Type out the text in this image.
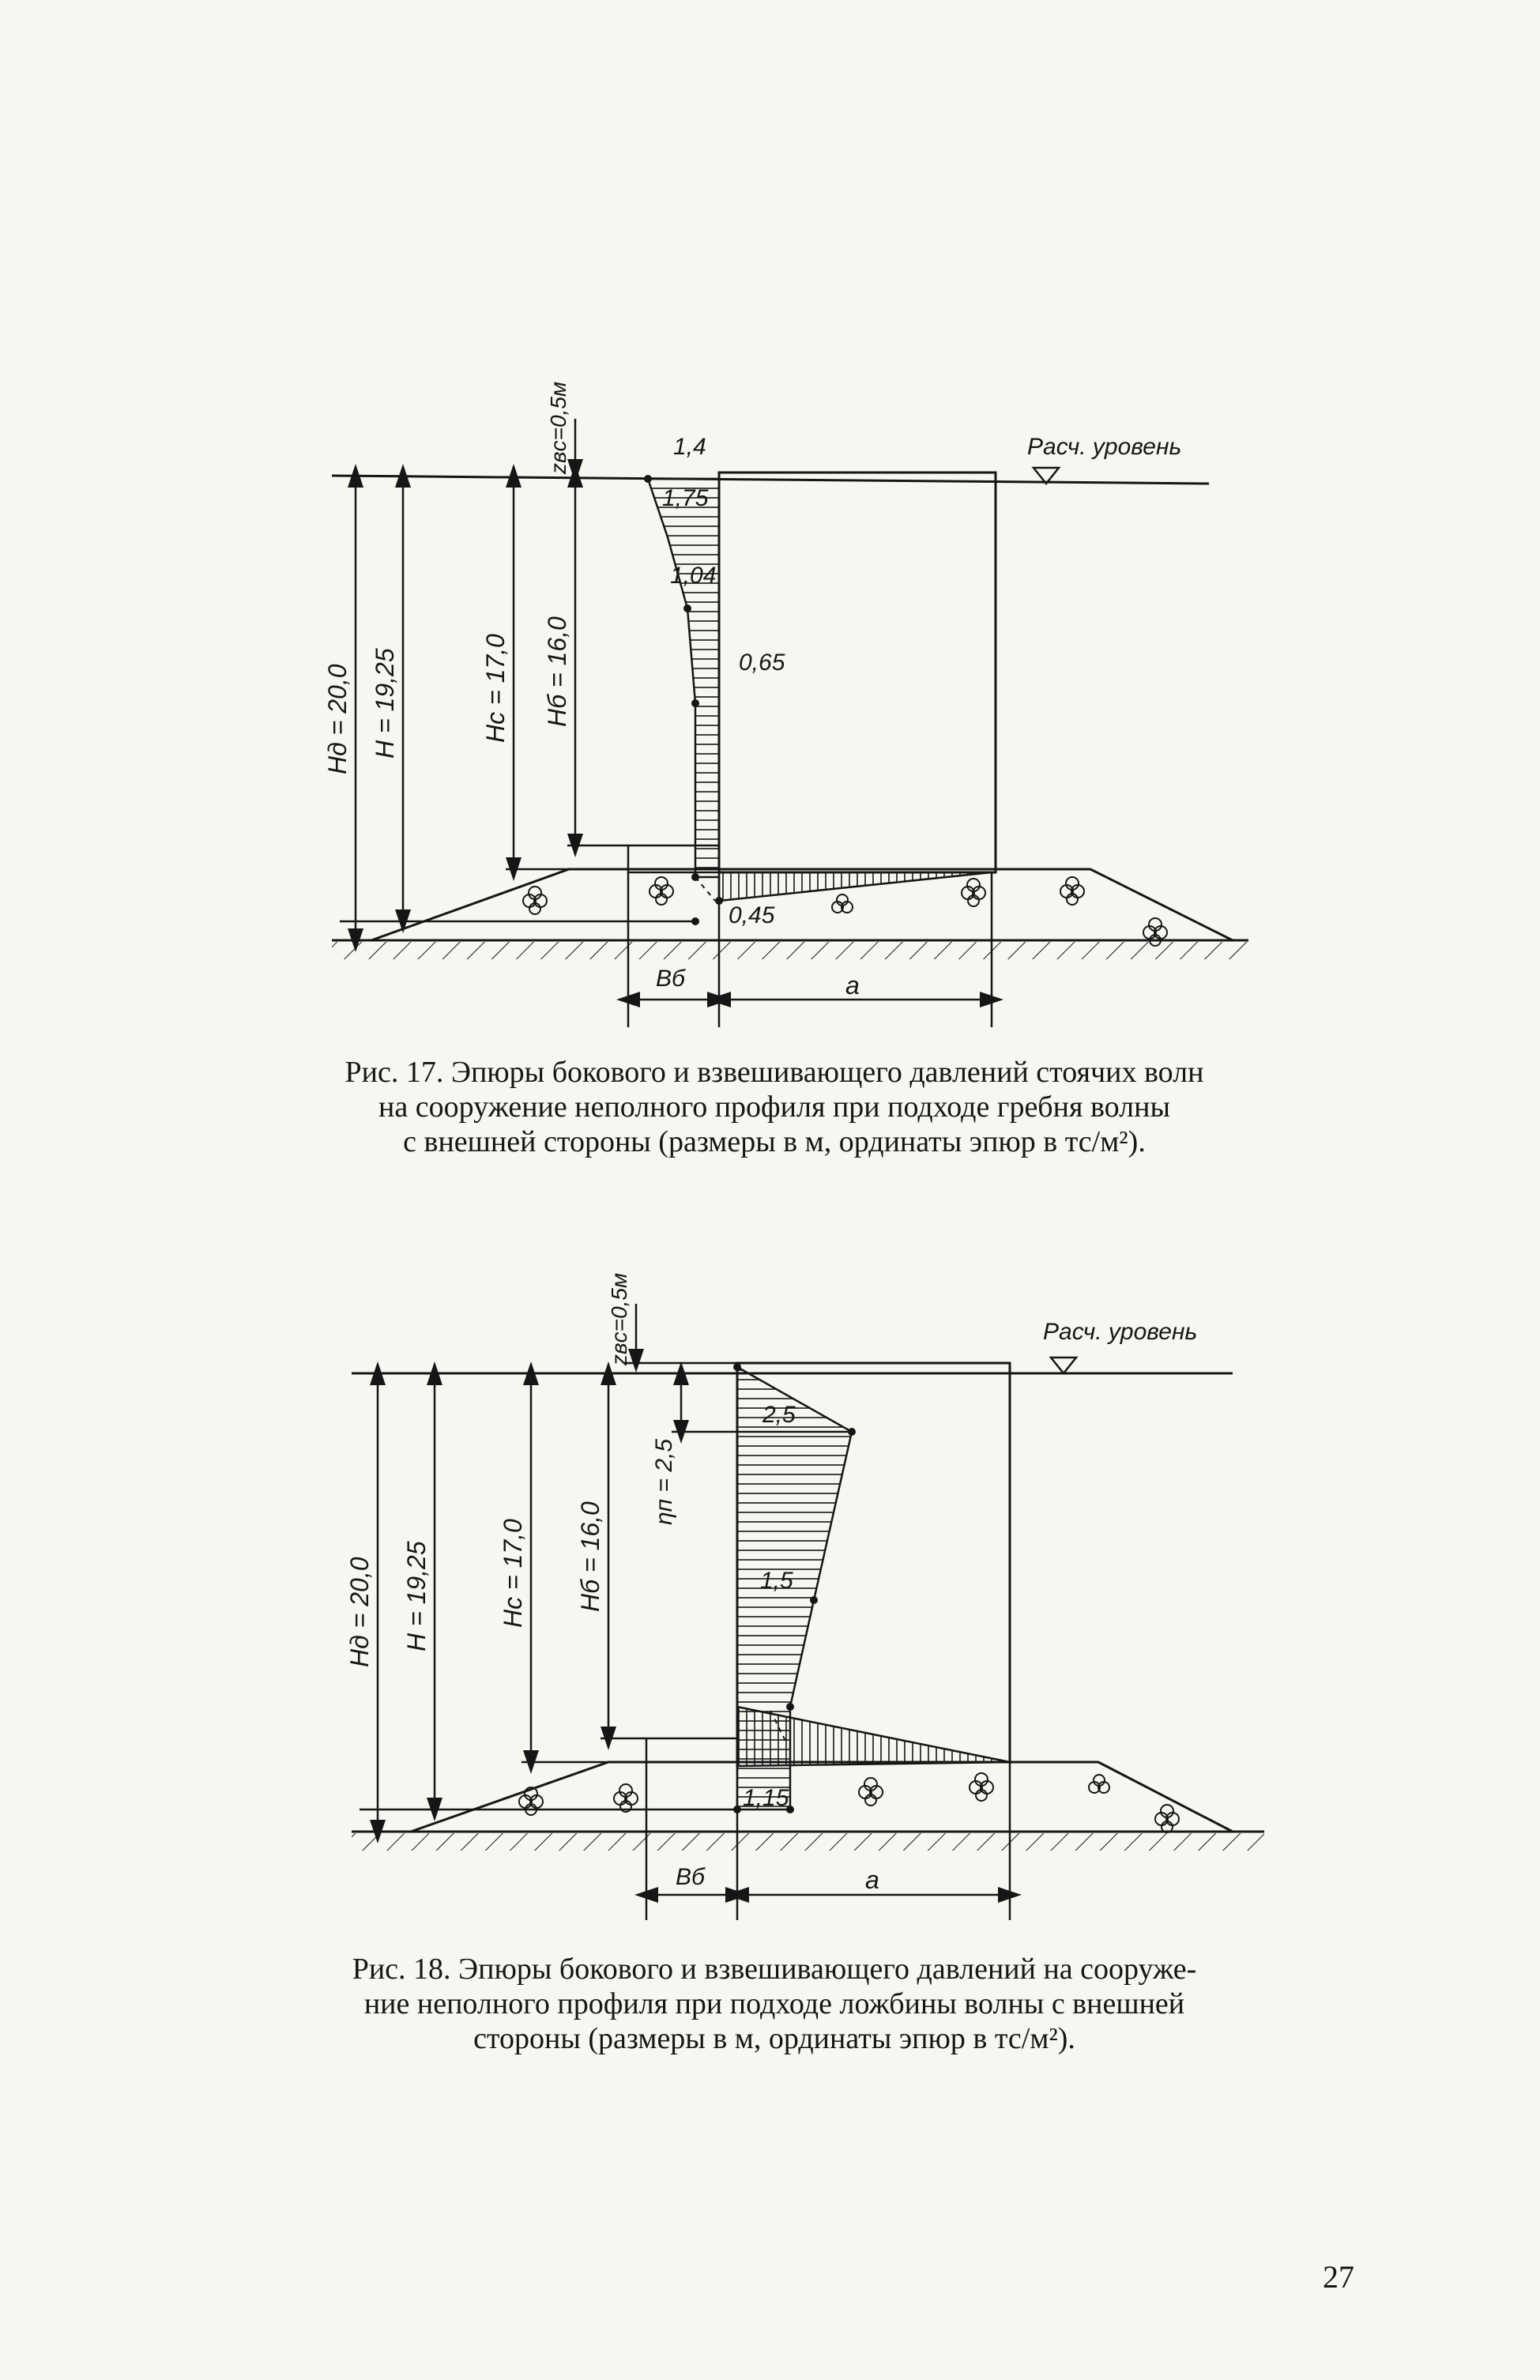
Расч. уровень
1,4
1,75
1,04
0,65
0,45
Hд = 20,0 H = 19,25	Hc = 17,0 Hб = 16,0
zвc=0,5м
Bб	a
Рис. 17. Эпюры бокового и взвешивающего давлений стоячих волн
на сооружение неполного профиля при подходе гребня волны
с внешней стороны (размеры в м, ординаты эпюр в тс/м²).
Расч. уровень
2,5
1,5
1,15
Hд = 20,0 H = 19,25	Hc = 17,0 Hб = 16,0
ηп = 2,5
zвc=0,5м
Bб	a
Рис. 18. Эпюры бокового и взвешивающего давлений на сооруже-
ние неполного профиля при подходе ложбины волны с внешней
стороны (размеры в м, ординаты эпюр в тс/м²).
27
